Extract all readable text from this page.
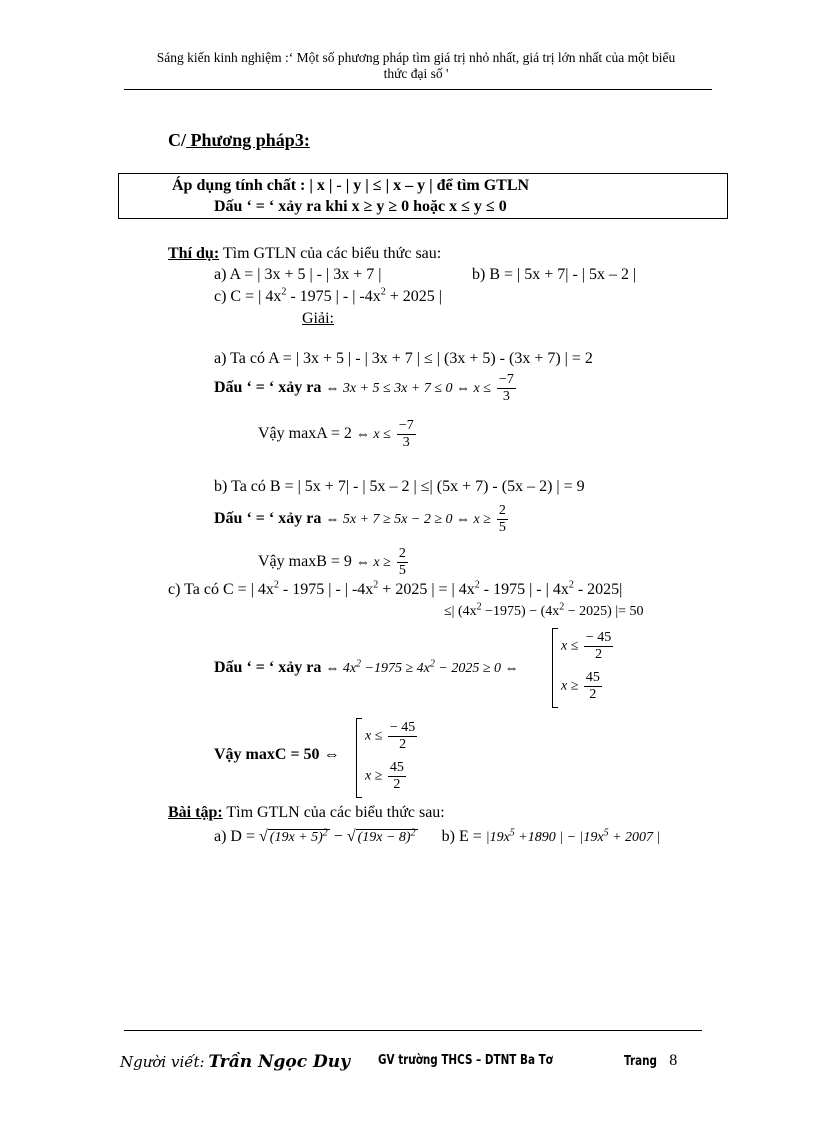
Sáng kiến kinh nghiệm :‘ Một số phương pháp tìm giá trị nhỏ nhất, giá trị lớn nhất của một biểu
thức đại số '
C/ Phương pháp3:
Áp dụng tính chất : | x | - | y | ≤ | x – y | để tìm GTLN
Dấu ‘ = ‘ xảy ra khi x ≥ y ≥ 0 hoặc x ≤ y ≤ 0
Thí dụ: Tìm GTLN của các biểu thức sau:
a) A = | 3x + 5 | - | 3x + 7 |	b) B = | 5x + 7| - | 5x – 2 |
c) C = | $4x^2 - 1975$ | - | $-4x^2 + 2025$ |
Giải:
a) Ta có A = | 3x + 5 | - | 3x + 7 | ≤ | (3x + 5) - (3x + 7) | = 2
Dấu ‘ = ‘ xảy ra ⇔ 3x + 5 ≤ 3x + 7 ≤ 0 ⇔ $x \le \frac{-7}{3}$
Vậy maxA = 2 ⇔ $x \le \frac{-7}{3}$
b) Ta có B = | 5x + 7| - | 5x – 2 | ≤| (5x + 7) - (5x – 2) | = 9
Dấu ‘ = ‘ xảy ra ⇔ 5x + 7 ≥ 5x − 2 ≥ 0 ⇔ $x \ge \frac{2}{5}$
Vậy maxB = 9 ⇔ $x \ge \frac{2}{5}$
c) Ta có C = | $4x^2 - 1975$ | - | $-4x^2 + 2025$ | = | $4x^2 - 1975$ | - | $4x^2 - 2025|$
≤| $(4x^2 -1975) - (4x^2 - 2025)$ |= 50
Dấu ‘ = ‘ xảy ra ⇔ $4x^2 -1975 \ge 4x^2 - 2025 \ge 0$ ⇔
$x \le \frac{- 45}{2}$
$x \ge \frac{45}{2}$
Vậy maxC = 50 ⇔
$x \le \frac{- 45}{2}$
$x \ge \frac{45}{2}$
Bài tập: Tìm GTLN của các biểu thức sau:
a) D = √ $(19x + 5)^2$ − √ $(19x - 8)^2$ b) $E = |19x^5 +1890$ | − $|19x^5 + 2007$ |
Người viết: Trần Ngọc Duy GV trường THCS – DTNT Ba Tơ	Trang 8
